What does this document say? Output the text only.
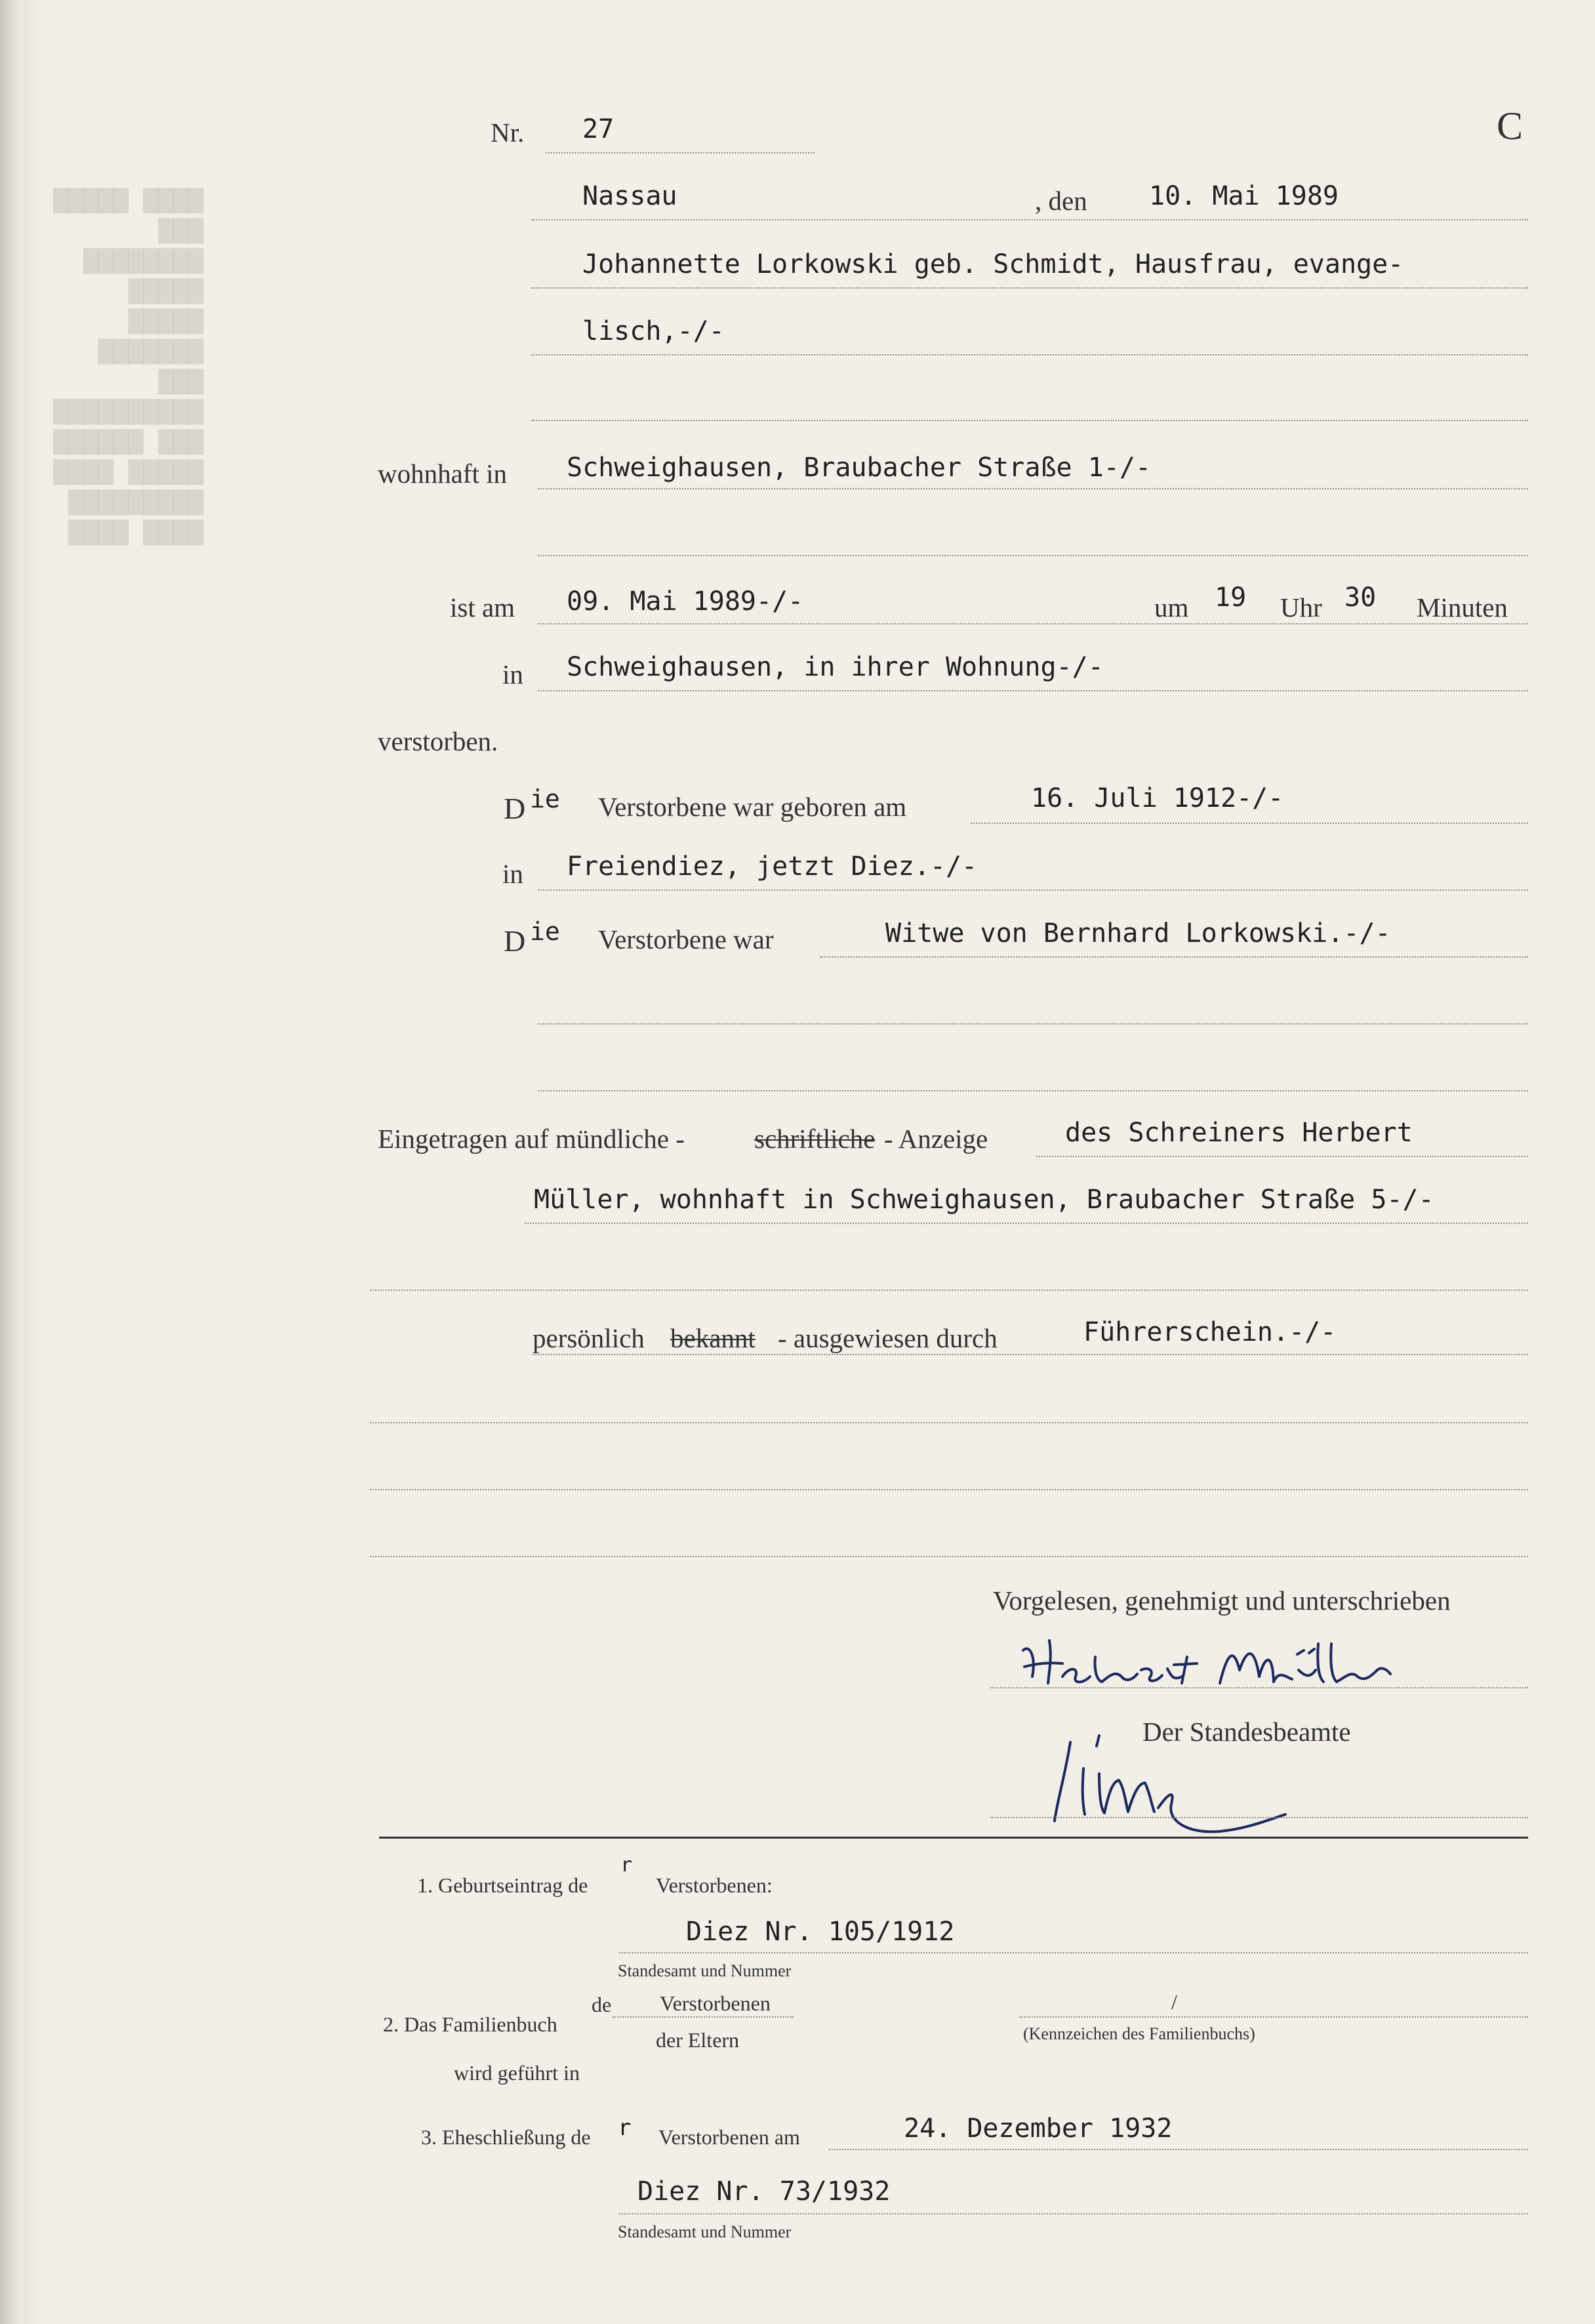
▇▇▇▇ ▇▇▇▇▇
▇▇▇ ▇▇▇▇▇▇▇▇
▇▇▇▇▇ ▇▇▇▇▇
▇▇▇▇▇▇▇ ▇▇▇
▇▇▇▇▇▇▇▇▇▇
▇▇▇ ▇▇▇▇▇▇
▇▇▇▇▇ ▇▇▇▇
▇▇▇▇▇▇▇▇▇
▇▇▇▇ ▇▇▇▇
Nr. 27	C
Nassau	, den 10. Mai 1989
Johannette Lorkowski geb. Schmidt, Hausfrau, evange-
lisch,-/-
wohnhaft in Schweighausen, Braubacher Straße 1-/-
ist am 09. Mai 1989-/-	um 19 Uhr 30 Minuten
in Schweighausen, in ihrer Wohnung-/-
verstorben.
D ie Verstorbene war geboren am	16. Juli 1912-/-
in Freiendiez, jetzt Diez.-/-
D ie Verstorbene war	Witwe von Bernhard Lorkowski.-/-
Eingetragen auf mündliche -	schriftliche - Anzeige	des Schreiners Herbert
Müller, wohnhaft in Schweighausen, Braubacher Straße 5-/-
persönlich bekannt - ausgewiesen durch	Führerschein.-/-
Vorgelesen, genehmigt und unterschrieben
Der Standesbeamte
1. Geburtseintrag de
r
Verstorbenen:
Diez Nr. 105/1912
Standesamt und Nummer
2. Das Familienbuch
wird geführt in
de Verstorbenen
der Eltern
/
(Kennzeichen des Familienbuchs)
3. Eheschließung de r Verstorbenen am	24. Dezember 1932
Diez Nr. 73/1932
Standesamt und Nummer
